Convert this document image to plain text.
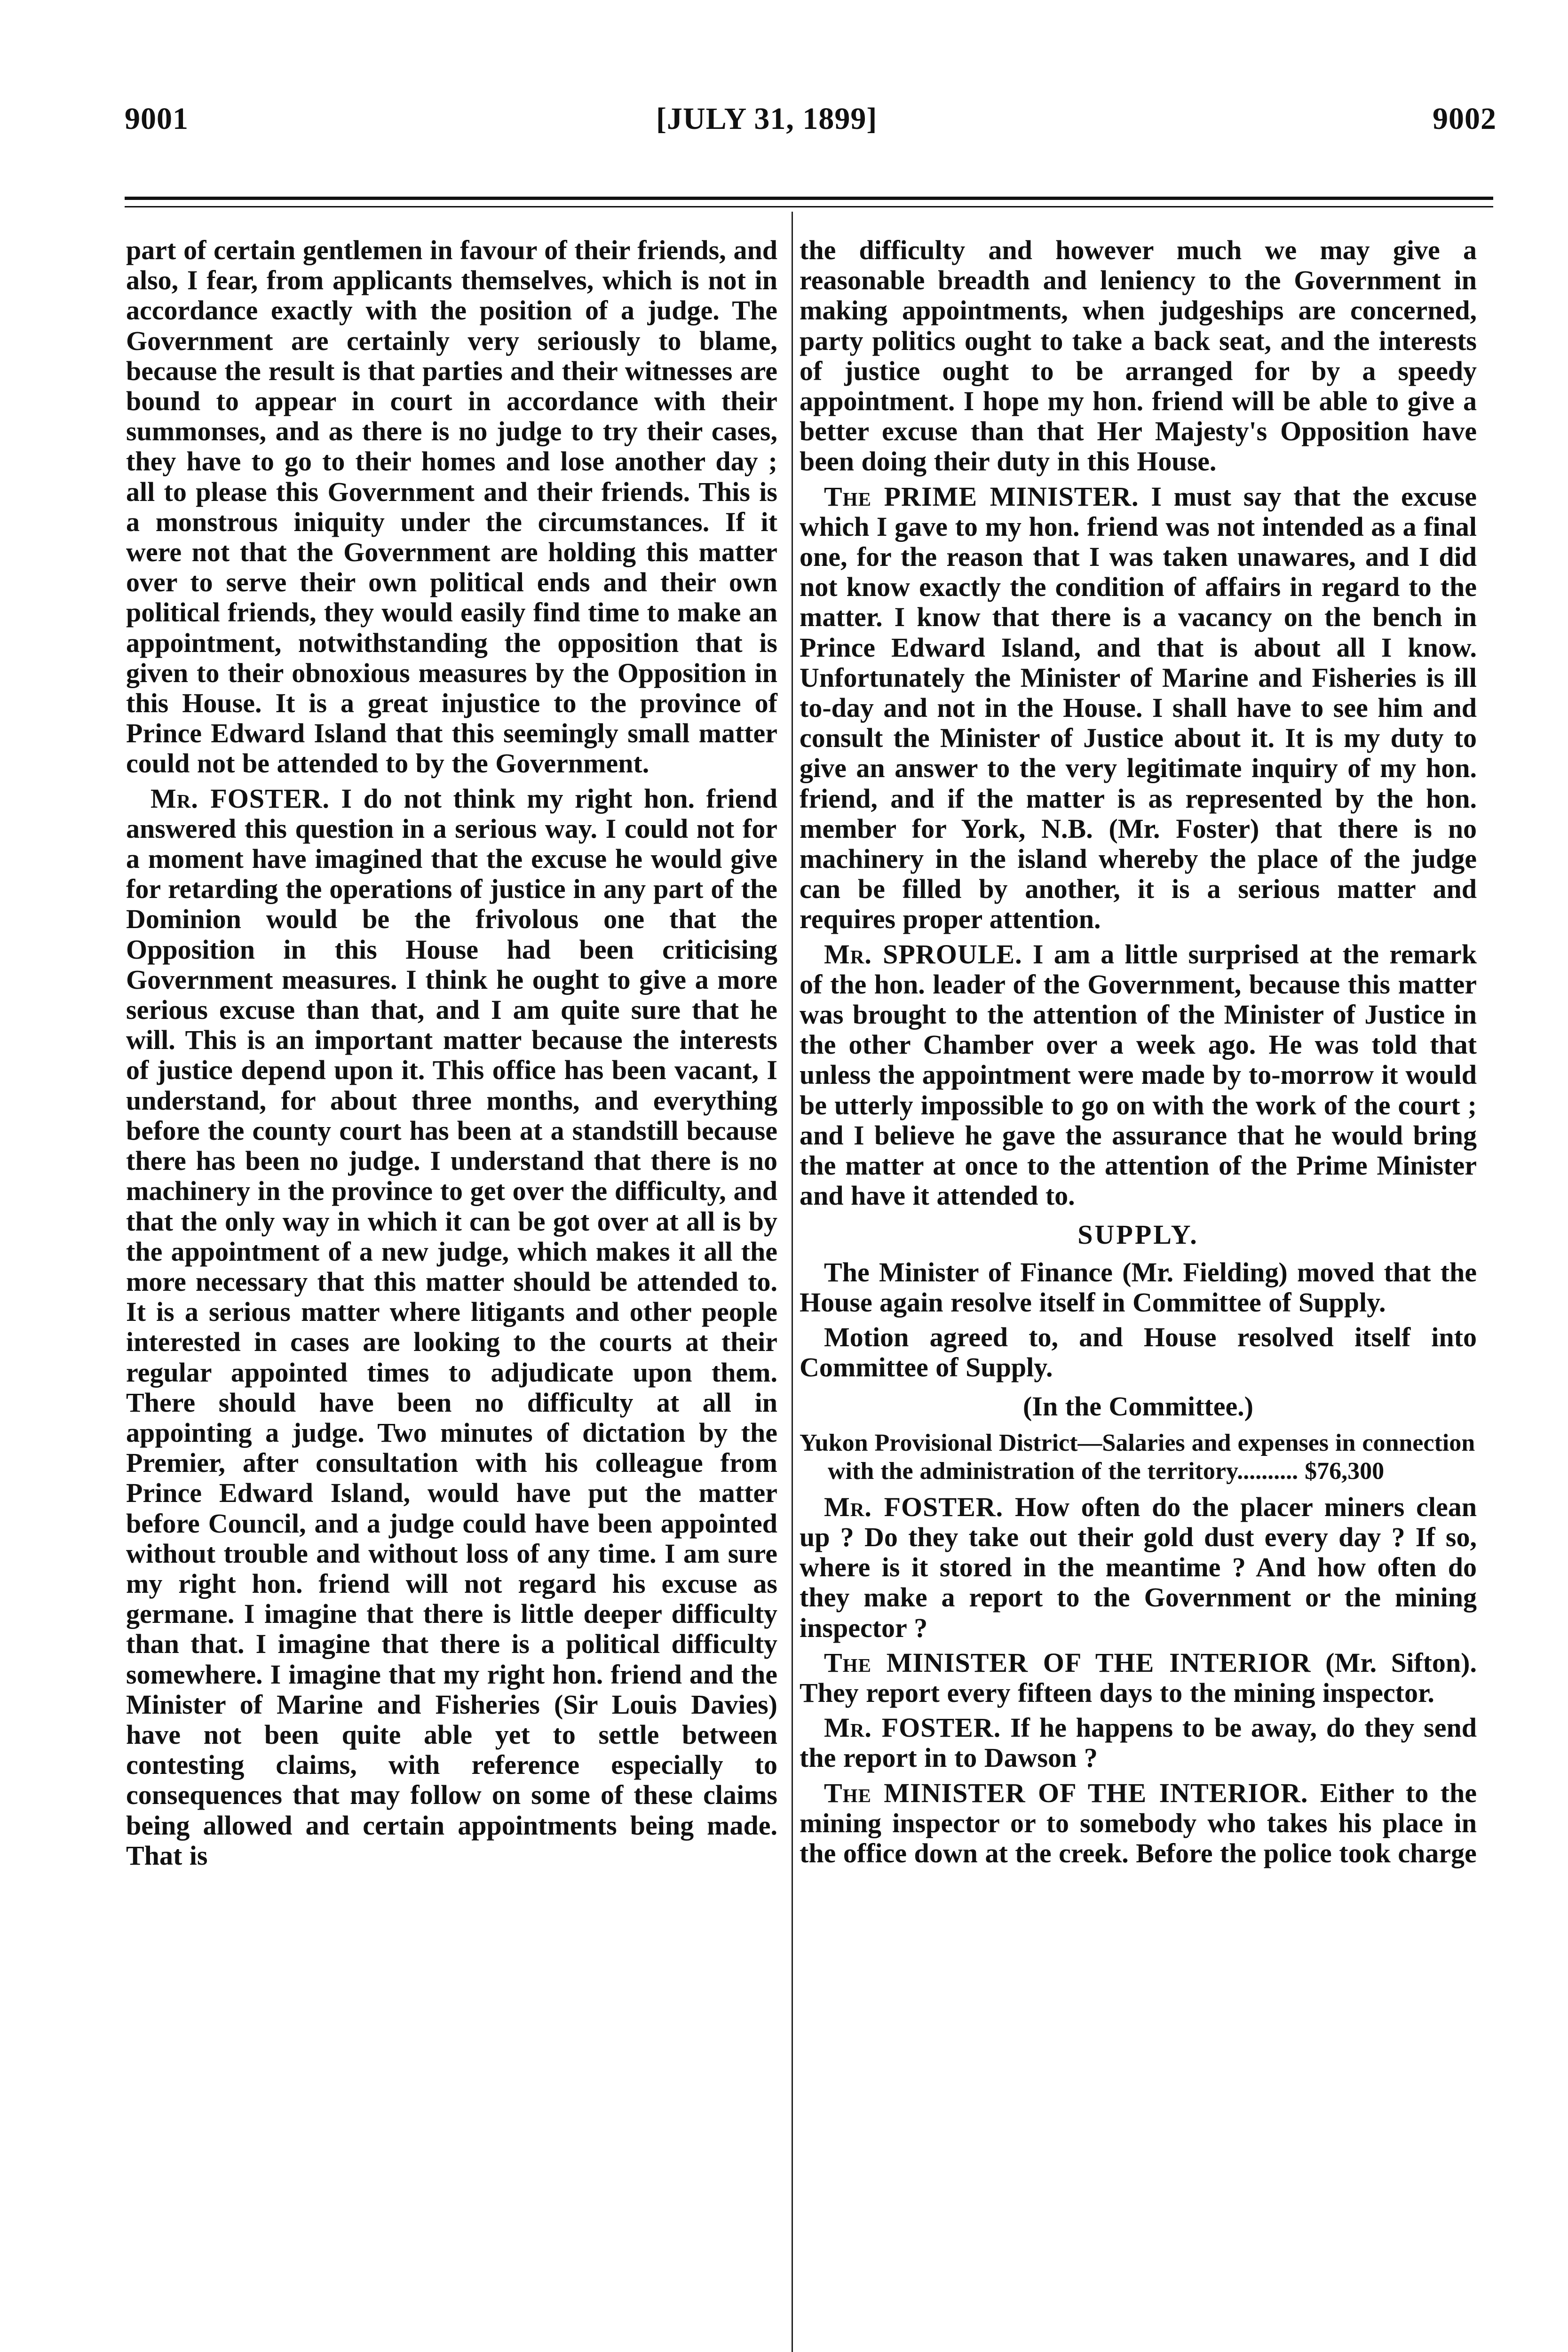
9001	[JULY 31, 1899]	9002

part of certain gentlemen in favour of their friends, and also, I fear, from applicants themselves, which is not in accordance exactly with the position of a judge. The Government are certainly very seriously to blame, because the result is that parties and their witnesses are bound to appear in court in accordance with their summonses, and as there is no judge to try their cases, they have to go to their homes and lose another day ; all to please this Government and their friends. This is a monstrous iniquity under the circumstances. If it were not that the Government are holding this matter over to serve their own political ends and their own political friends, they would easily find time to make an appointment, notwithstanding the opposition that is given to their obnoxious measures by the Opposition in this House. It is a great injustice to the province of Prince Edward Island that this seemingly small matter could not be attended to by the Government.

Mr. FOSTER. I do not think my right hon. friend answered this question in a serious way. I could not for a moment have imagined that the excuse he would give for retarding the operations of justice in any part of the Dominion would be the frivolous one that the Opposition in this House had been criticising Government measures. I think he ought to give a more serious excuse than that, and I am quite sure that he will. This is an important matter because the interests of justice depend upon it. This office has been vacant, I understand, for about three months, and everything before the county court has been at a standstill because there has been no judge. I understand that there is no machinery in the province to get over the difficulty, and that the only way in which it can be got over at all is by the appointment of a new judge, which makes it all the more necessary that this matter should be attended to. It is a serious matter where litigants and other people interested in cases are looking to the courts at their regular appointed times to adjudicate upon them. There should have been no difficulty at all in appointing a judge. Two minutes of dictation by the Premier, after consultation with his colleague from Prince Edward Island, would have put the matter before Council, and a judge could have been appointed without trouble and without loss of any time. I am sure my right hon. friend will not regard his excuse as germane. I imagine that there is little deeper difficulty than that. I imagine that there is a political difficulty somewhere. I imagine that my right hon. friend and the Minister of Marine and Fisheries (Sir Louis Davies) have not been quite able yet to settle between contesting claims, with reference especially to consequences that may follow on some of these claims being allowed and certain appointments being made. That is

the difficulty and however much we may give a reasonable breadth and leniency to the Government in making appointments, when judgeships are concerned, party politics ought to take a back seat, and the interests of justice ought to be arranged for by a speedy appointment. I hope my hon. friend will be able to give a better excuse than that Her Majesty's Opposition have been doing their duty in this House.

The PRIME MINISTER. I must say that the excuse which I gave to my hon. friend was not intended as a final one, for the reason that I was taken unawares, and I did not know exactly the condition of affairs in regard to the matter. I know that there is a vacancy on the bench in Prince Edward Island, and that is about all I know. Unfortunately the Minister of Marine and Fisheries is ill to-day and not in the House. I shall have to see him and consult the Minister of Justice about it. It is my duty to give an answer to the very legitimate inquiry of my hon. friend, and if the matter is as represented by the hon. member for York, N.B. (Mr. Foster) that there is no machinery in the island whereby the place of the judge can be filled by another, it is a serious matter and requires proper attention.

Mr. SPROULE. I am a little surprised at the remark of the hon. leader of the Government, because this matter was brought to the attention of the Minister of Justice in the other Chamber over a week ago. He was told that unless the appointment were made by to-morrow it would be utterly impossible to go on with the work of the court ; and I believe he gave the assurance that he would bring the matter at once to the attention of the Prime Minister and have it attended to.

SUPPLY.

The Minister of Finance (Mr. Fielding) moved that the House again resolve itself in Committee of Supply.

Motion agreed to, and House resolved itself into Committee of Supply.

(In the Committee.)

Yukon Provisional District—Salaries and expenses in connection with the administration of the territory.......... $76,300

Mr. FOSTER. How often do the placer miners clean up ? Do they take out their gold dust every day ? If so, where is it stored in the meantime ? And how often do they make a report to the Government or the mining inspector ?

The MINISTER OF THE INTERIOR (Mr. Sifton). They report every fifteen days to the mining inspector.

Mr. FOSTER. If he happens to be away, do they send the report in to Dawson ?

The MINISTER OF THE INTERIOR. Either to the mining inspector or to somebody who takes his place in the office down at the creek. Before the police took charge
